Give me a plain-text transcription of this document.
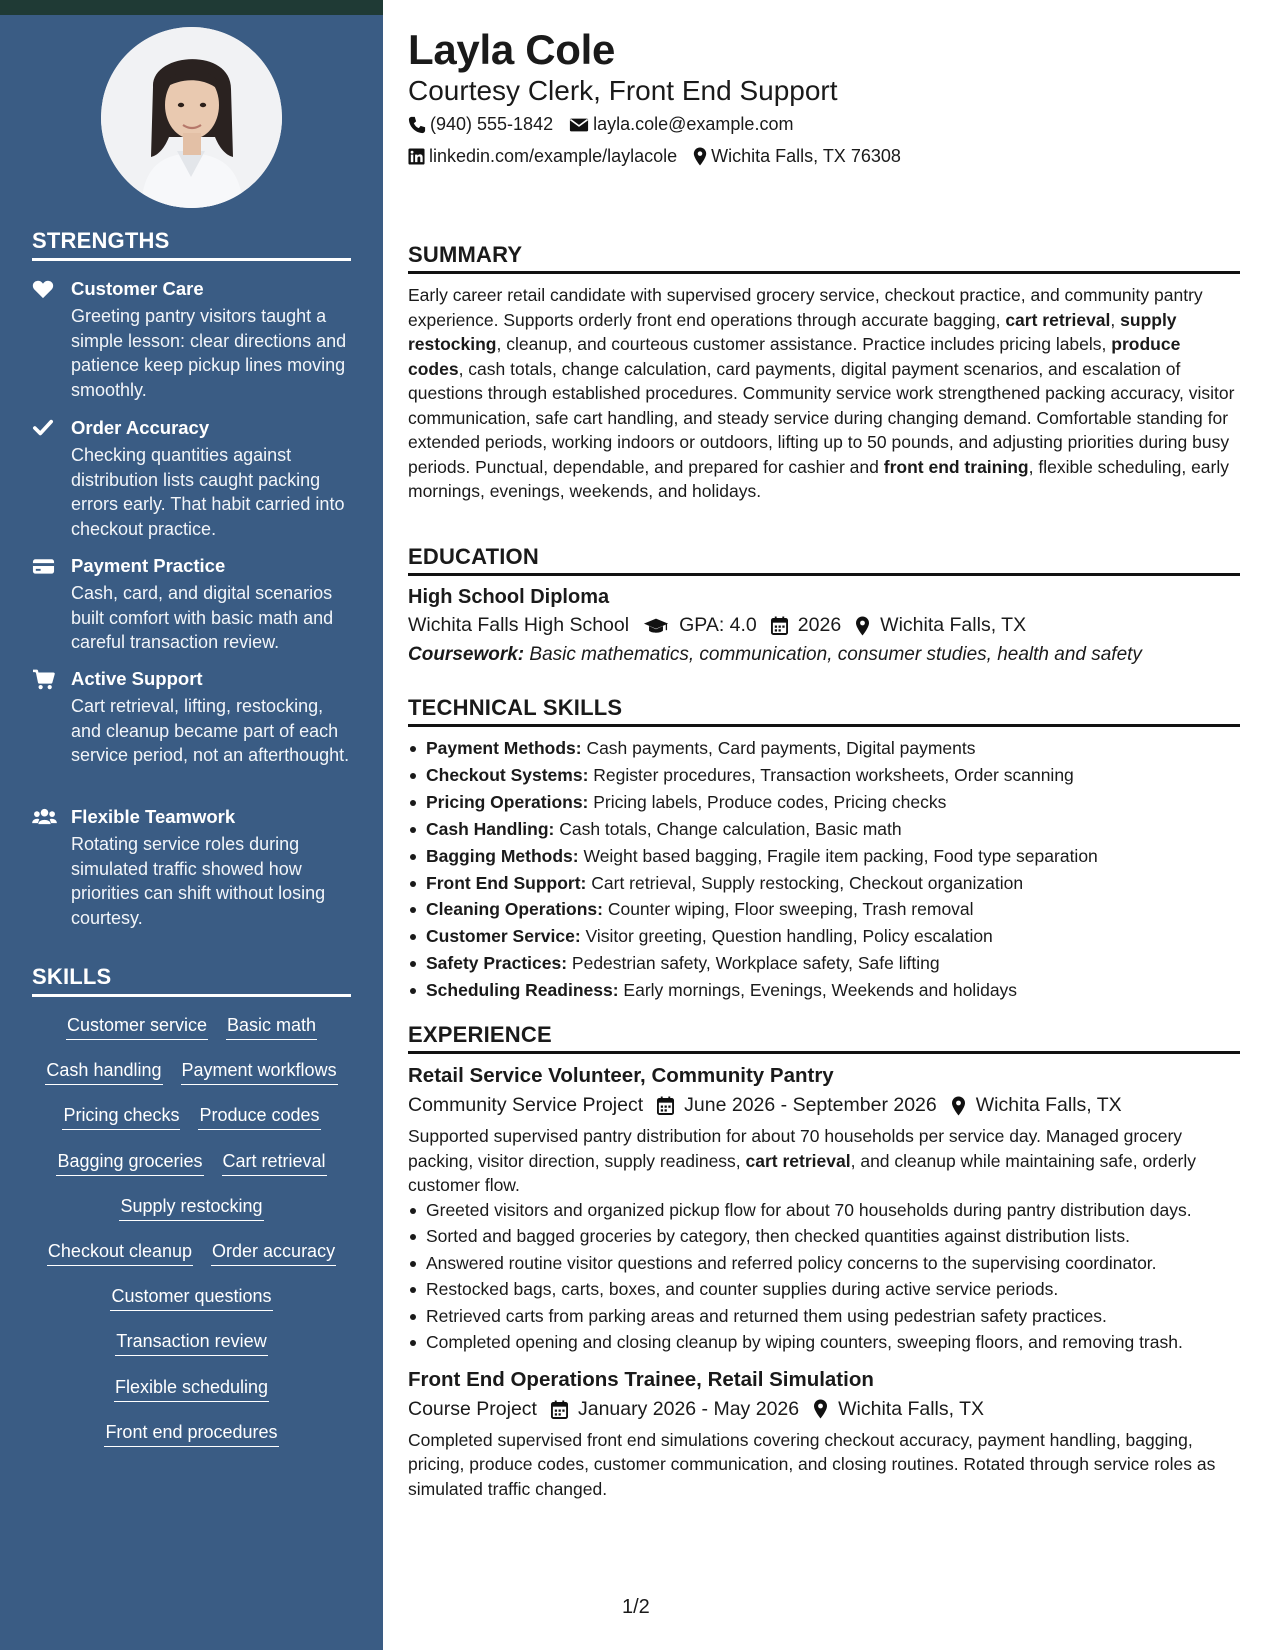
STRENGTHS
Customer Care
Greeting pantry visitors taught a simple lesson: clear directions and patience keep pickup lines moving smoothly.
Order Accuracy
Checking quantities against distribution lists caught packing errors early. That habit carried into checkout practice.
Payment Practice
Cash, card, and digital scenarios built comfort with basic math and careful transaction review.
Active Support
Cart retrieval, lifting, restocking, and cleanup became part of each service period, not an afterthought.
Flexible Teamwork
Rotating service roles during simulated traffic showed how priorities can shift without losing courtesy.
SKILLS
Customer service Basic math
Cash handling Payment workflows
Pricing checks Produce codes
Bagging groceries Cart retrieval
Supply restocking
Checkout cleanup Order accuracy
Customer questions
Transaction review
Flexible scheduling
Front end procedures
Layla Cole
Courtesy Clerk, Front End Support
(940) 555-1842 layla.cole@example.com
linkedin.com/example/laylacole Wichita Falls, TX 76308
SUMMARY
Early career retail candidate with supervised grocery service, checkout practice, and community pantry experience. Supports orderly front end operations through accurate bagging, cart retrieval, supply restocking, cleanup, and courteous customer assistance. Practice includes pricing labels, produce codes, cash totals, change calculation, card payments, digital payment scenarios, and escalation of questions through established procedures. Community service work strengthened packing accuracy, visitor communication, safe cart handling, and steady service during changing demand. Comfortable standing for extended periods, working indoors or outdoors, lifting up to 50 pounds, and adjusting priorities during busy periods. Punctual, dependable, and prepared for cashier and front end training, flexible scheduling, early mornings, evenings, weekends, and holidays.
EDUCATION
High School Diploma
Wichita Falls High School	GPA: 4.0 2026 Wichita Falls, TX
Coursework: Basic mathematics, communication, consumer studies, health and safety
TECHNICAL SKILLS
Payment Methods: Cash payments, Card payments, Digital payments
Checkout Systems: Register procedures, Transaction worksheets, Order scanning
Pricing Operations: Pricing labels, Produce codes, Pricing checks
Cash Handling: Cash totals, Change calculation, Basic math
Bagging Methods: Weight based bagging, Fragile item packing, Food type separation
Front End Support: Cart retrieval, Supply restocking, Checkout organization
Cleaning Operations: Counter wiping, Floor sweeping, Trash removal
Customer Service: Visitor greeting, Question handling, Policy escalation
Safety Practices: Pedestrian safety, Workplace safety, Safe lifting
Scheduling Readiness: Early mornings, Evenings, Weekends and holidays
EXPERIENCE
Retail Service Volunteer, Community Pantry
Community Service Project June 2026 - September 2026 Wichita Falls, TX
Supported supervised pantry distribution for about 70 households per service day. Managed grocery packing, visitor direction, supply readiness, cart retrieval, and cleanup while maintaining safe, orderly customer flow.
Greeted visitors and organized pickup flow for about 70 households during pantry distribution days.
Sorted and bagged groceries by category, then checked quantities against distribution lists.
Answered routine visitor questions and referred policy concerns to the supervising coordinator.
Restocked bags, carts, boxes, and counter supplies during active service periods.
Retrieved carts from parking areas and returned them using pedestrian safety practices.
Completed opening and closing cleanup by wiping counters, sweeping floors, and removing trash.
Front End Operations Trainee, Retail Simulation
Course Project January 2026 - May 2026 Wichita Falls, TX
Completed supervised front end simulations covering checkout accuracy, payment handling, bagging, pricing, produce codes, customer communication, and closing routines. Rotated through service roles as simulated traffic changed.
1/2
